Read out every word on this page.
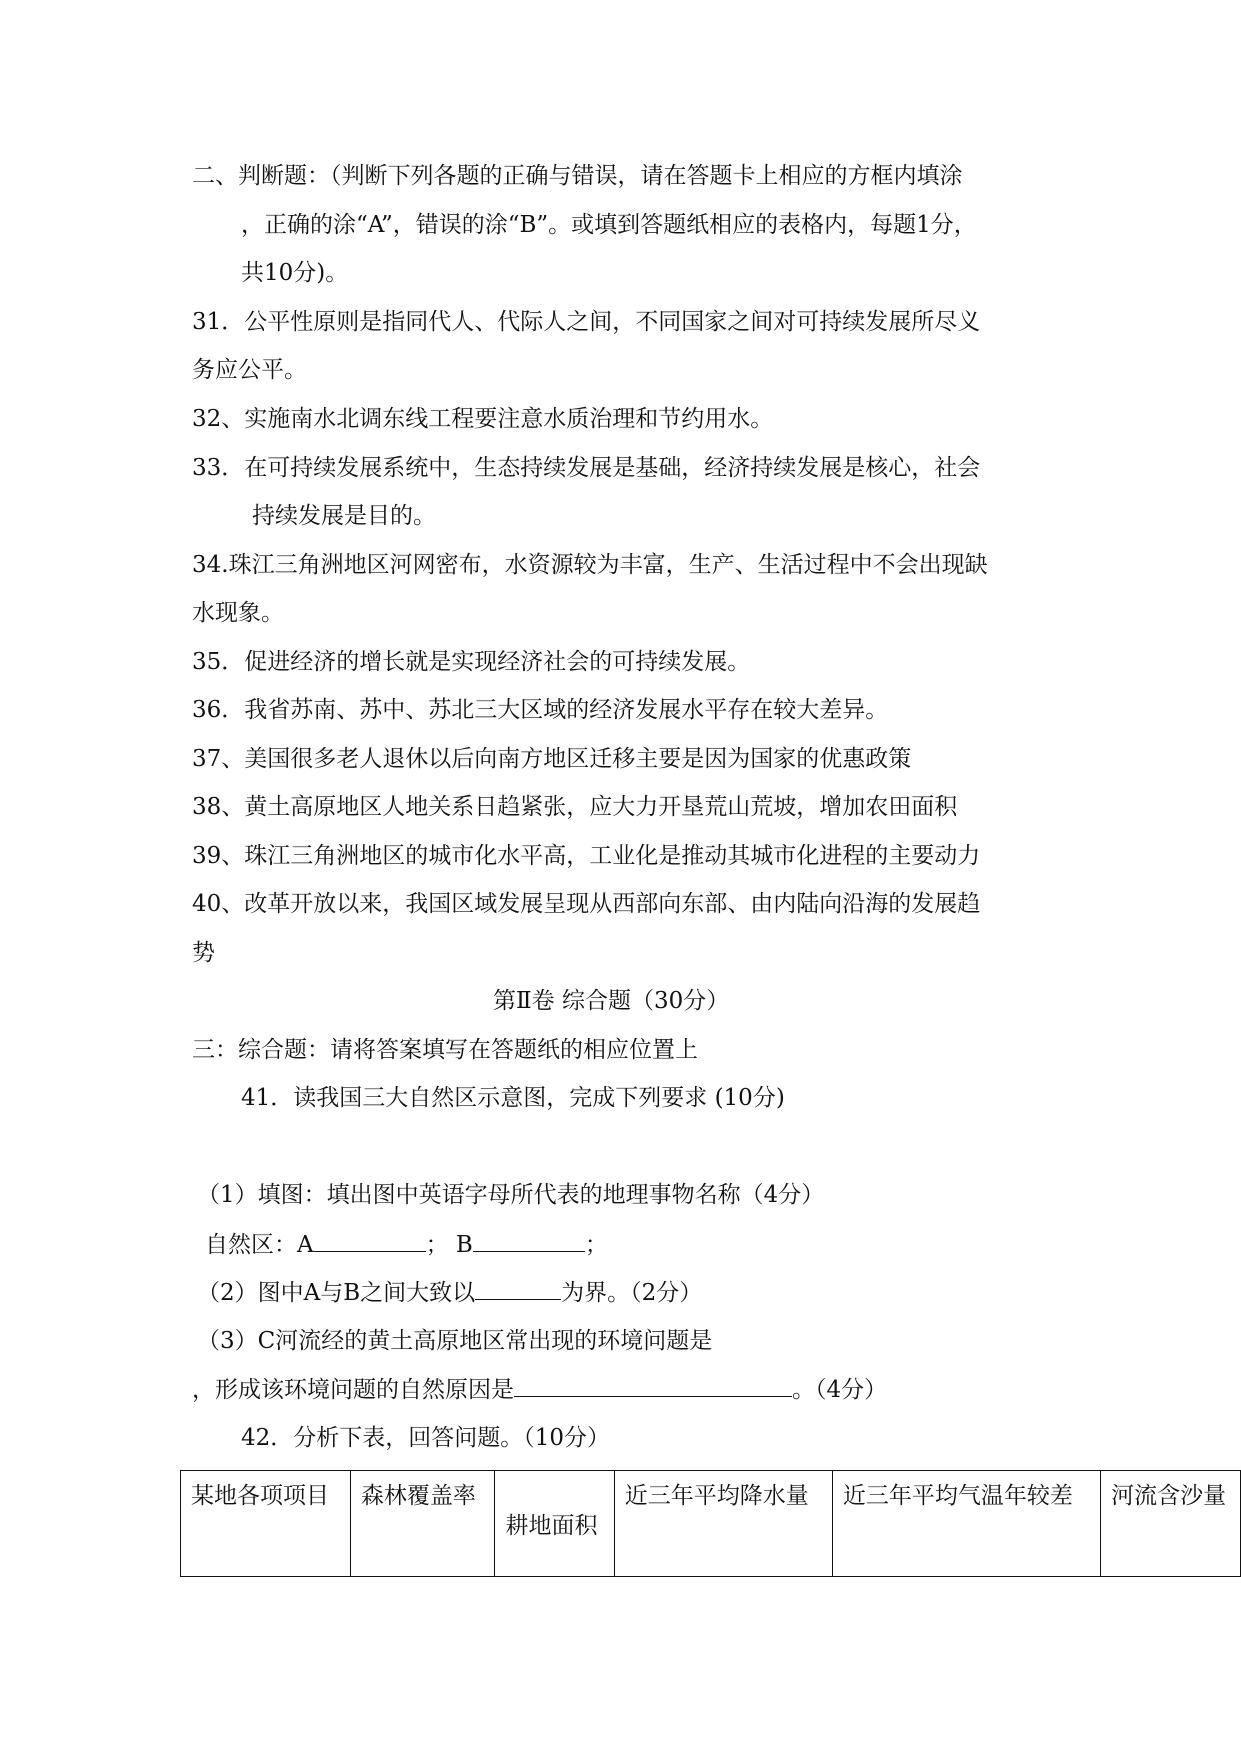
二、判断题：（判断下列各题的正确与错误，请在答题卡上相应的方框内填涂
，正确的涂“A”，错误的涂“B”。或填到答题纸相应的表格内，每题1分，
共10分)。
31．公平性原则是指同代人、代际人之间，不同国家之间对可持续发展所尽义
务应公平。
32、实施南水北调东线工程要注意水质治理和节约用水。
33．在可持续发展系统中，生态持续发展是基础，经济持续发展是核心，社会
持续发展是目的。
34.珠江三角洲地区河网密布，水资源较为丰富，生产、生活过程中不会出现缺
水现象。
35．促进经济的增长就是实现经济社会的可持续发展。
36．我省苏南、苏中、苏北三大区域的经济发展水平存在较大差异。
37、美国很多老人退休以后向南方地区迁移主要是因为国家的优惠政策
38、黄土高原地区人地关系日趋紧张，应大力开垦荒山荒坡，增加农田面积
39、珠江三角洲地区的城市化水平高，工业化是推动其城市化进程的主要动力
40、改革开放以来，我国区域发展呈现从西部向东部、由内陆向沿海的发展趋
势
第Ⅱ卷 综合题（30分）
三：综合题：请将答案填写在答题纸的相应位置上
41．读我国三大自然区示意图，完成下列要求 (10分)
（1）填图：填出图中英语字母所代表的地理事物名称（4分）
自然区：A	； B	；
（2）图中A与B之间大致以	为界。（2分）
（3）C河流经的黄土高原地区常出现的环境问题是
，形成该环境问题的自然原因是	。（4分）
42．分析下表，回答问题。（10分）
某地各项项目	森林覆盖率	耕地面积	近三年平均降水量	近三年平均气温年较差	河流含沙量
